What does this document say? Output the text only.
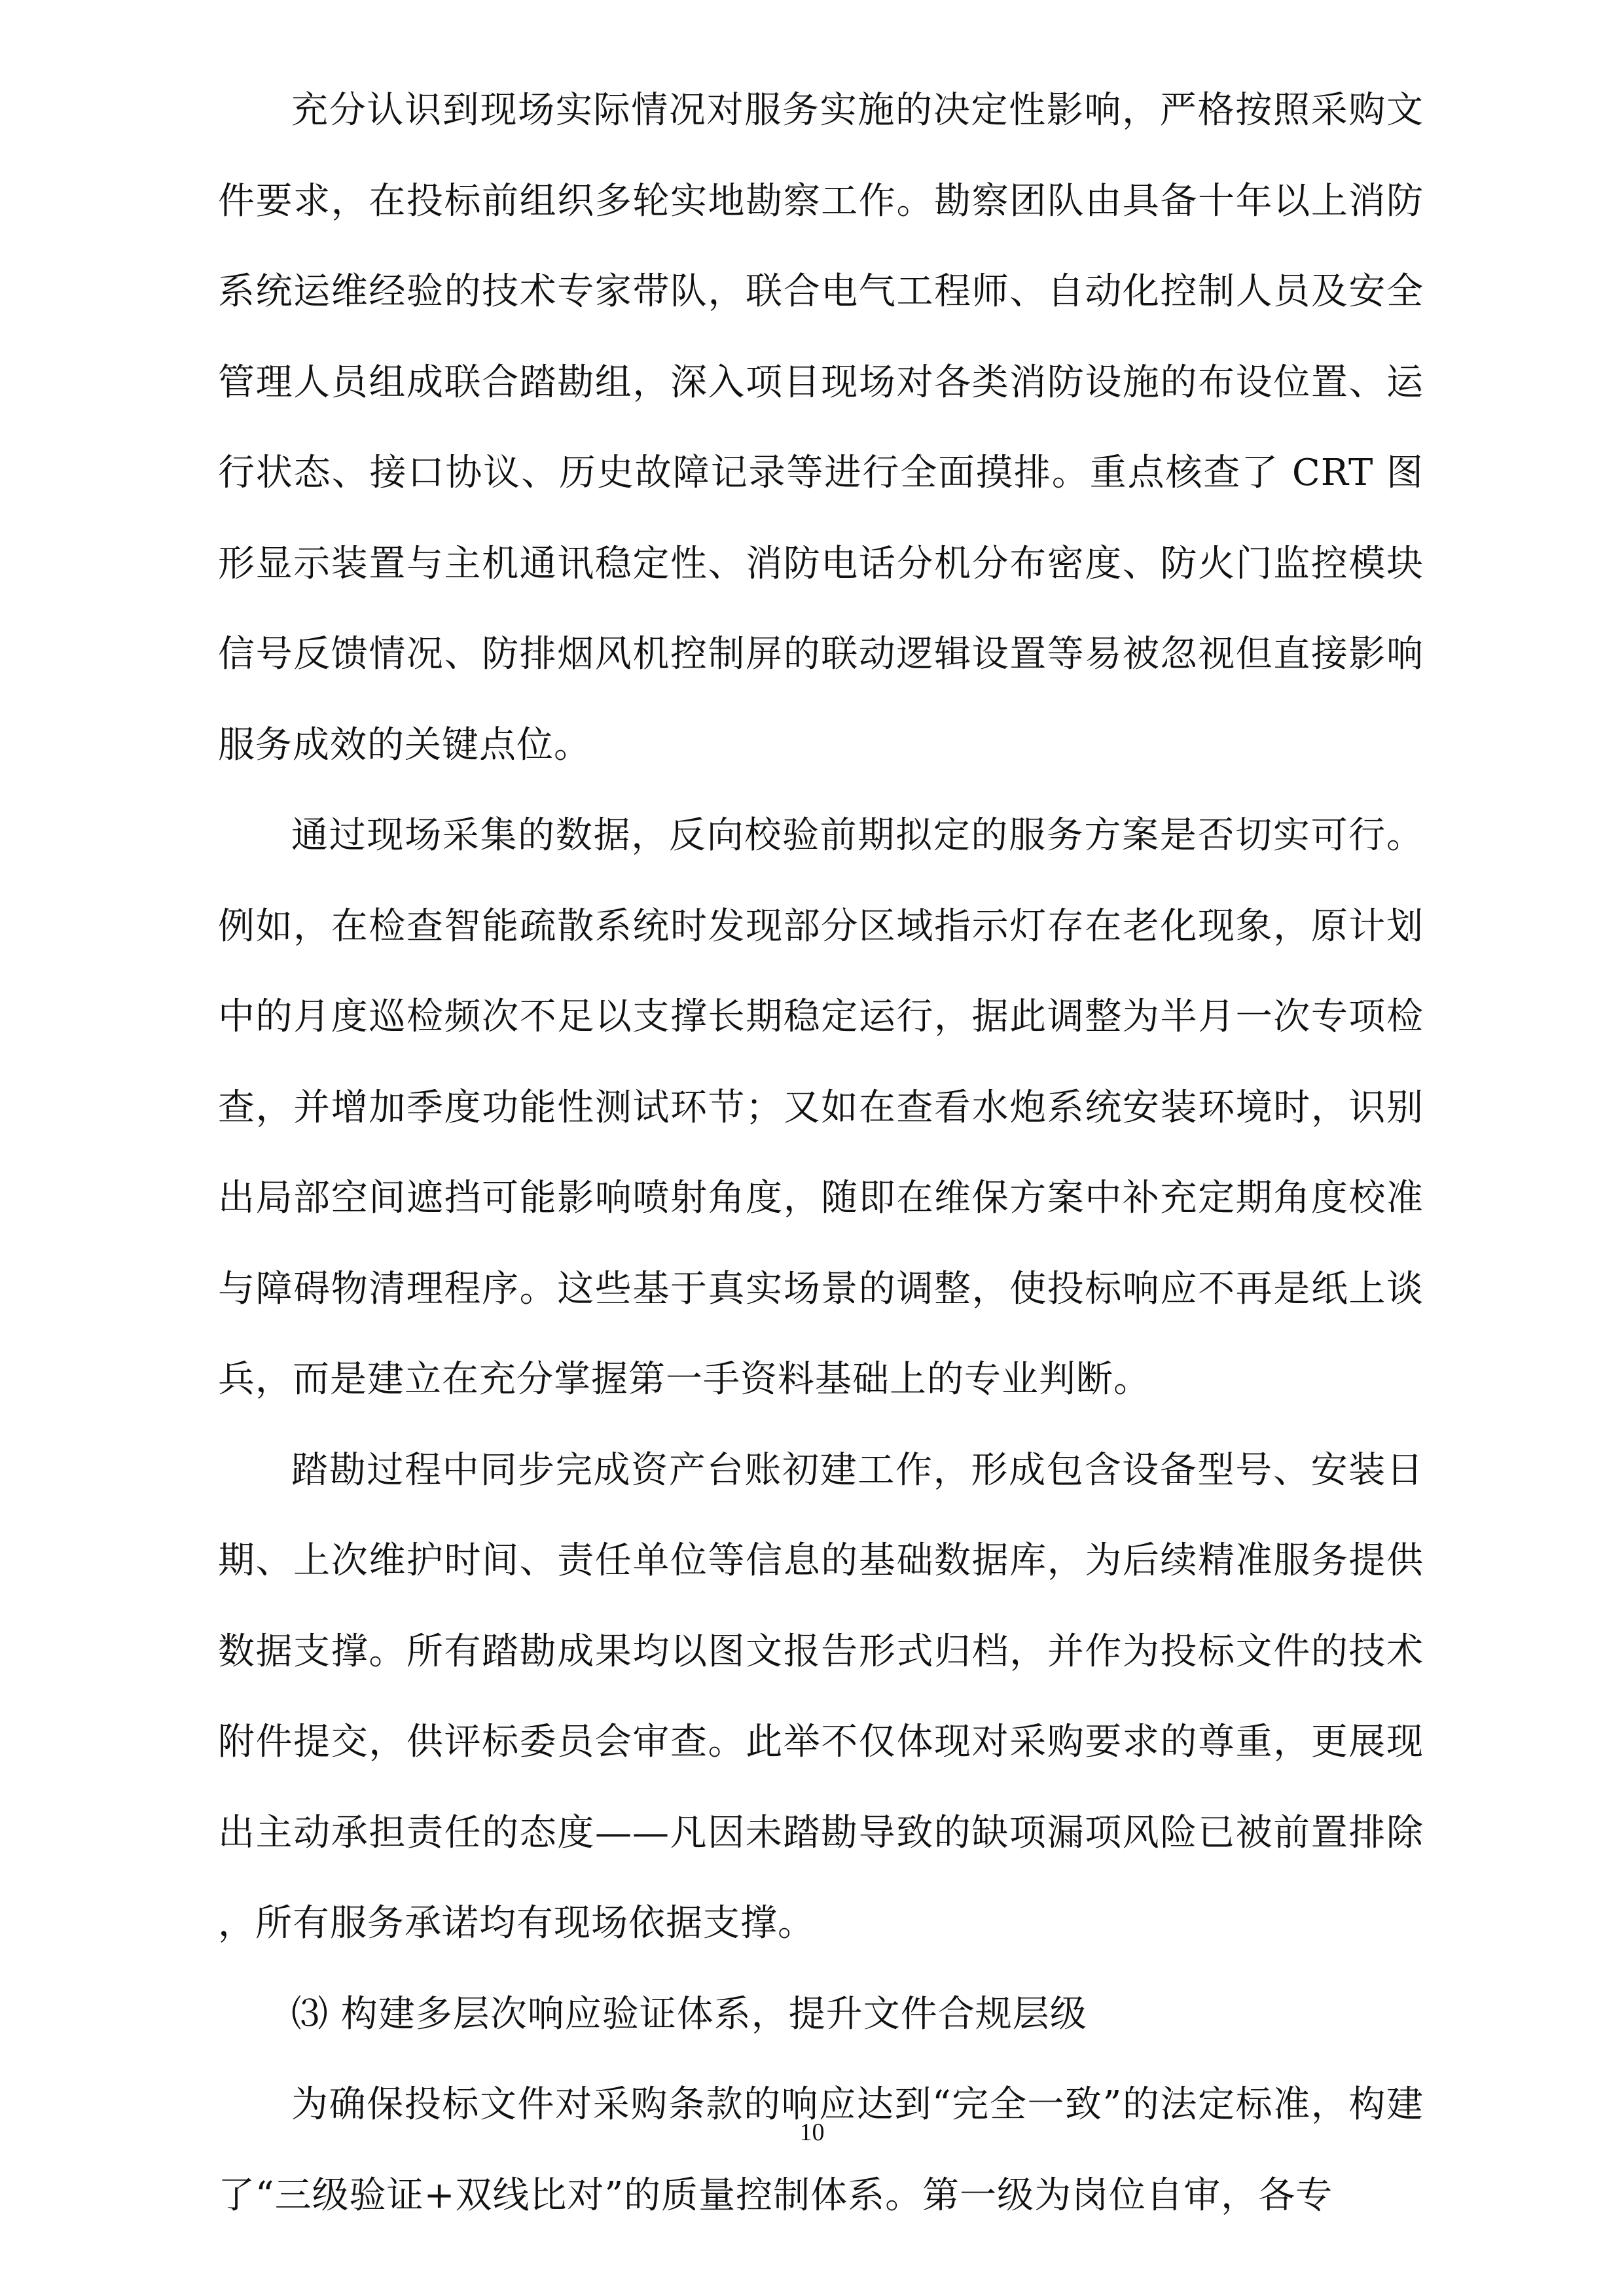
充分认识到现场实际情况对服务实施的决定性影响，严格按照采购文件要求，在投标前组织多轮实地勘察工作。勘察团队由具备十年以上消防系统运维经验的技术专家带队，联合电气工程师、自动化控制人员及安全管理人员组成联合踏勘组，深入项目现场对各类消防设施的布设位置、运行状态、接口协议、历史故障记录等进行全面摸排。重点核查了 CRT 图形显示装置与主机通讯稳定性、消防电话分机分布密度、防火门监控模块信号反馈情况、防排烟风机控制屏的联动逻辑设置等易被忽视但直接影响服务成效的关键点位。

通过现场采集的数据，反向校验前期拟定的服务方案是否切实可行。例如，在检查智能疏散系统时发现部分区域指示灯存在老化现象，原计划中的月度巡检频次不足以支撑长期稳定运行，据此调整为半月一次专项检查，并增加季度功能性测试环节；又如在查看水炮系统安装环境时，识别出局部空间遮挡可能影响喷射角度，随即在维保方案中补充定期角度校准与障碍物清理程序。这些基于真实场景的调整，使投标响应不再是纸上谈兵，而是建立在充分掌握第一手资料基础上的专业判断。

踏勘过程中同步完成资产台账初建工作，形成包含设备型号、安装日期、上次维护时间、责任单位等信息的基础数据库，为后续精准服务提供数据支撑。所有踏勘成果均以图文报告形式归档，并作为投标文件的技术附件提交，供评标委员会审查。此举不仅体现对采购要求的尊重，更展现出主动承担责任的态度——凡因未踏勘导致的缺项漏项风险已被前置排除，所有服务承诺均有现场依据支撑。

⑶ 构建多层次响应验证体系，提升文件合规层级

为确保投标文件对采购条款的响应达到“完全一致”的法定标准，构建了“三级验证+双线比对”的质量控制体系。第一级为岗位自审，各专

10
